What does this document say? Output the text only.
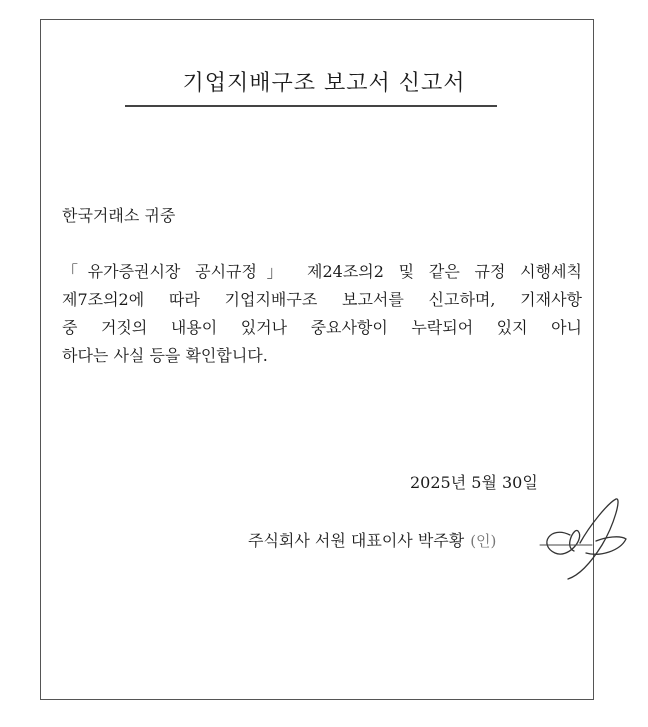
기업지배구조 보고서 신고서
한국거래소 귀중
「유가증권시장 공시규정」 제24조의2 및 같은 규정 시행세칙
제7조의2에 따라 기업지배구조 보고서를 신고하며, 기재사항
중 거짓의 내용이 있거나 중요사항이 누락되어 있지 아니
하다는 사실 등을 확인합니다.
2025년 5월 30일
주식회사 서원 대표이사 박주황 (인)
